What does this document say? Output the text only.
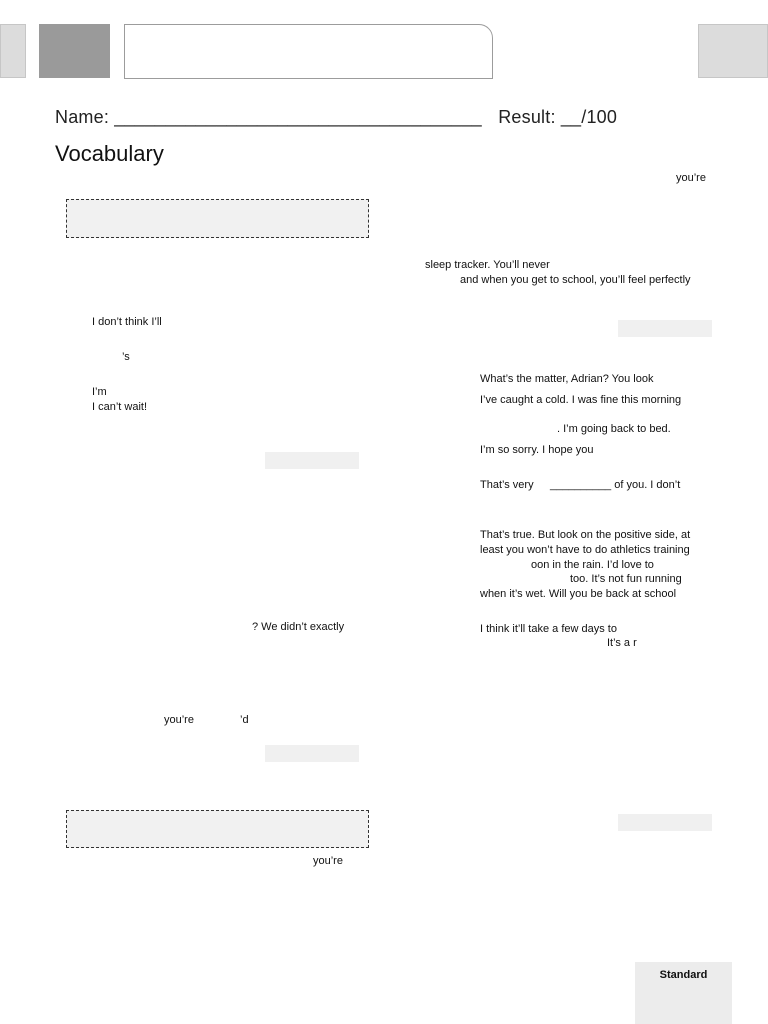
Name: ____________________________________ Result: __/100
Vocabulary
I don’t think I’ll
’s
I’m
I can’t wait!
? We didn’t exactly
you’re	’d
you’re
you’re
sleep tracker. You’ll never
and when you get to school, you’ll feel perfectly
What’s the matter, Adrian? You look
I’ve caught a cold. I was fine this morning
. I’m going back to bed.
I’m so sorry. I hope you
That’s very __________ of you. I don’t
That’s true. But look on the positive side, at
least you won’t have to do athletics training
oon in the rain. I’d love to
too. It’s not fun running
when it’s wet. Will you be back at school
I think it’ll take a few days to
It’s a r
Standard
